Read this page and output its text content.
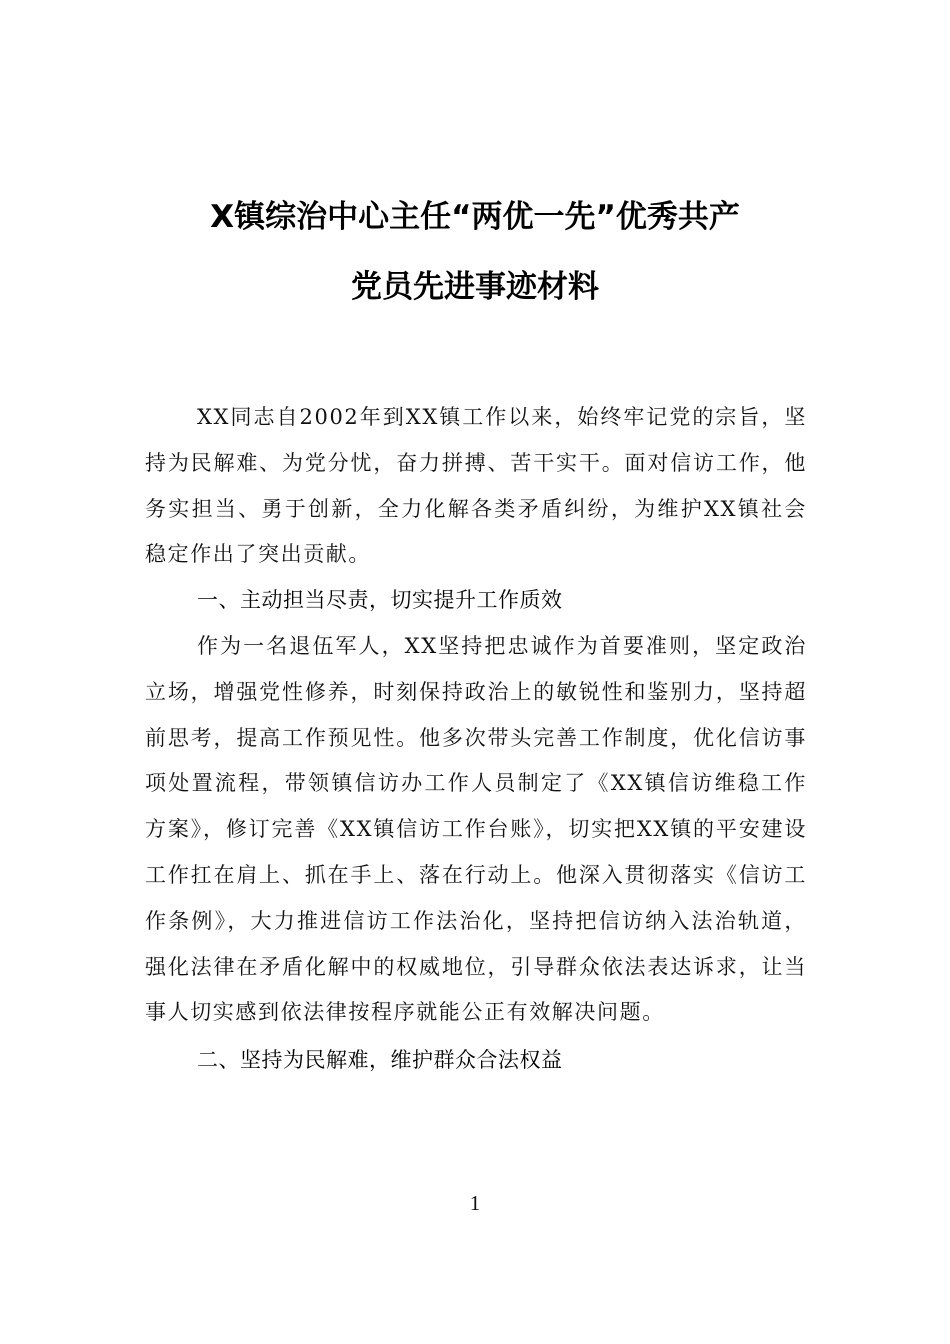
X镇综治中心主任“两优一先”优秀共产
党员先进事迹材料

XX同志自2002年到XX镇工作以来，始终牢记党的宗旨，坚持为民解难、为党分忧，奋力拼搏、苦干实干。面对信访工作，他务实担当、勇于创新，全力化解各类矛盾纠纷，为维护XX镇社会稳定作出了突出贡献。

一、主动担当尽责，切实提升工作质效

作为一名退伍军人，XX坚持把忠诚作为首要准则，坚定政治立场，增强党性修养，时刻保持政治上的敏锐性和鉴别力，坚持超前思考，提高工作预见性。他多次带头完善工作制度，优化信访事项处置流程，带领镇信访办工作人员制定了《XX镇信访维稳工作方案》，修订完善《XX镇信访工作台账》，切实把XX镇的平安建设工作扛在肩上、抓在手上、落在行动上。他深入贯彻落实《信访工作条例》，大力推进信访工作法治化，坚持把信访纳入法治轨道，强化法律在矛盾化解中的权威地位，引导群众依法表达诉求，让当事人切实感到依法律按程序就能公正有效解决问题。

二、坚持为民解难，维护群众合法权益

1
